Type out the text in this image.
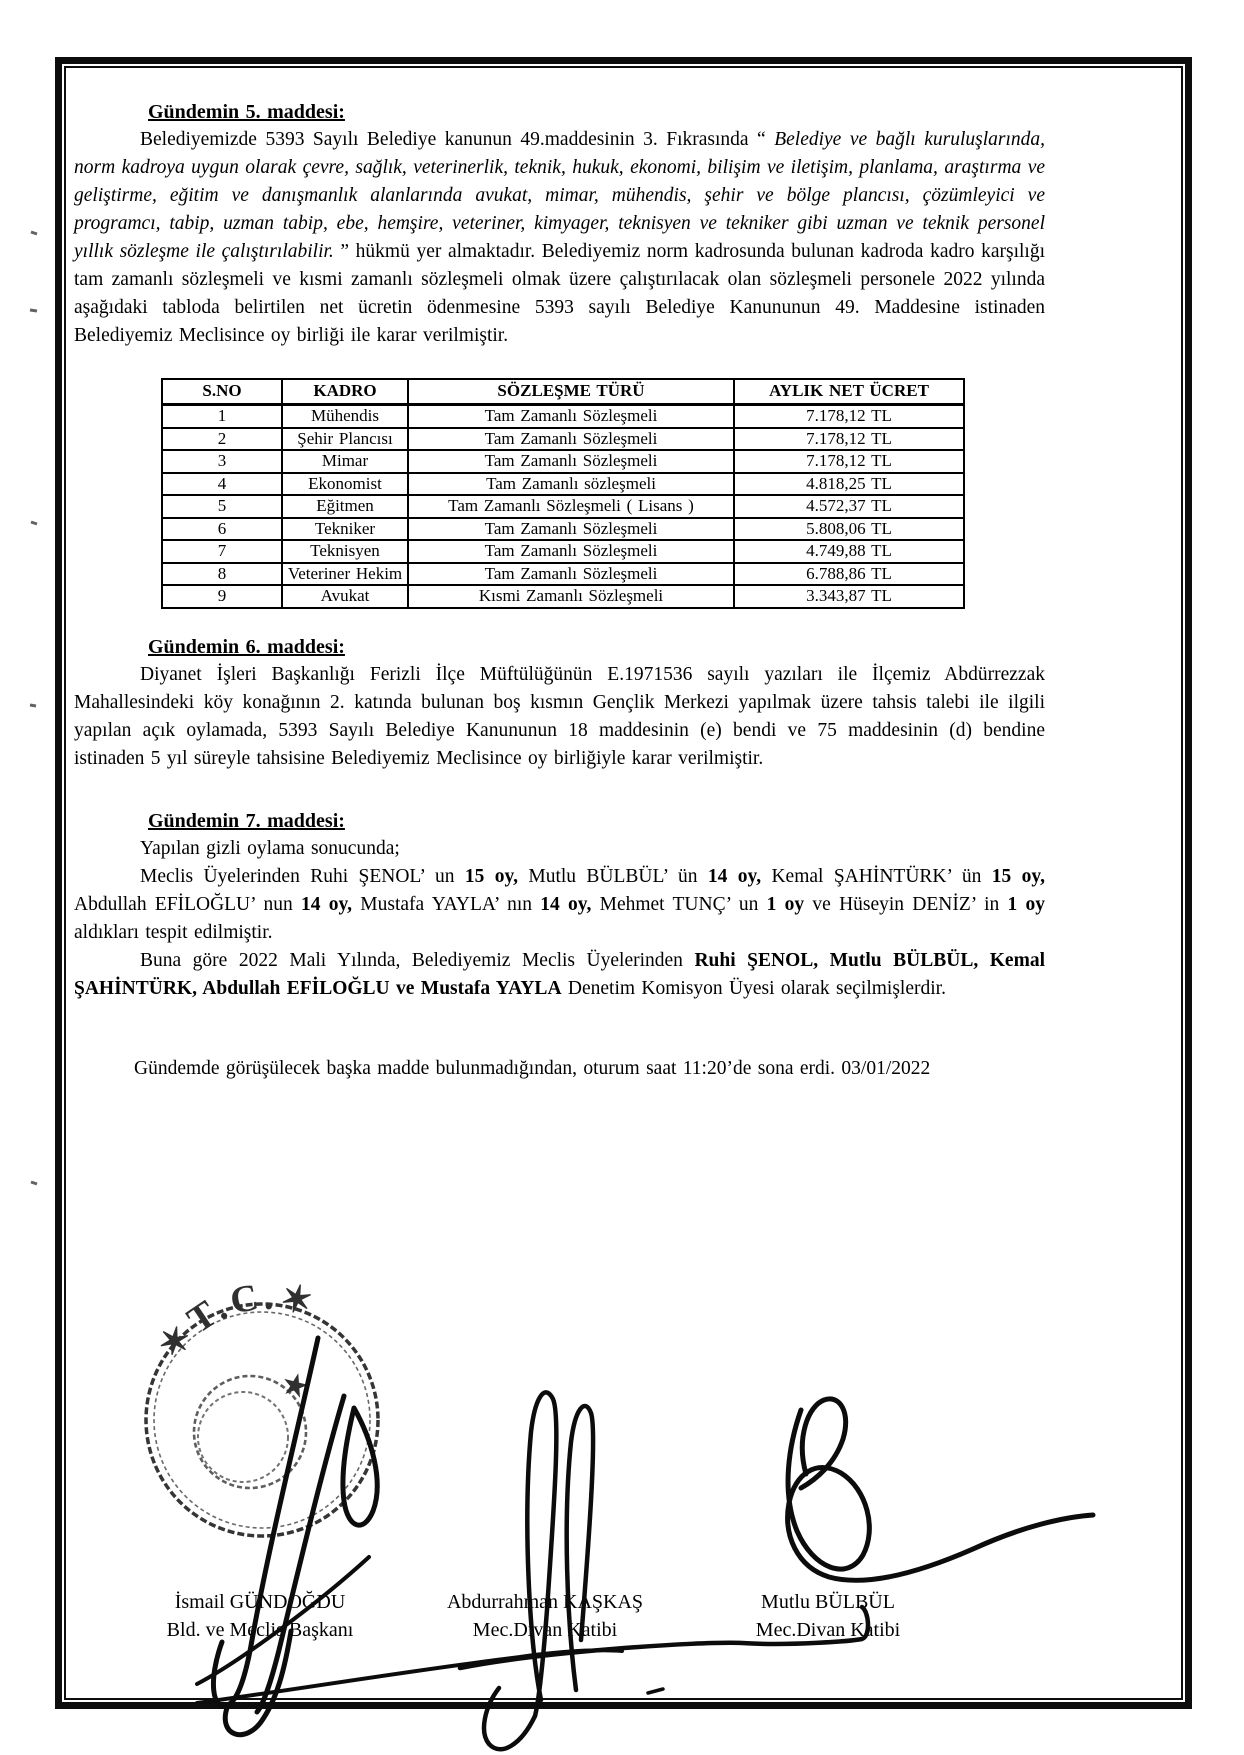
Gündemin 5. maddesi:

Belediyemizde 5393 Sayılı Belediye kanunun 49.maddesinin 3. Fıkrasında “ Belediye ve bağlı kuruluşlarında, norm kadroya uygun olarak çevre, sağlık, veterinerlik, teknik, hukuk, ekonomi, bilişim ve iletişim, planlama, araştırma ve geliştirme, eğitim ve danışmanlık alanlarında avukat, mimar, mühendis, şehir ve bölge plancısı, çözümleyici ve programcı, tabip, uzman tabip, ebe, hemşire, veteriner, kimyager, teknisyen ve tekniker gibi uzman ve teknik personel yıllık sözleşme ile çalıştırılabilir. ” hükmü yer almaktadır. Belediyemiz norm kadrosunda bulunan kadroda kadro karşılığı tam zamanlı sözleşmeli ve kısmi zamanlı sözleşmeli olmak üzere çalıştırılacak olan sözleşmeli personele 2022 yılında aşağıdaki tabloda belirtilen net ücretin ödenmesine 5393 sayılı Belediye Kanununun 49. Maddesine istinaden Belediyemiz Meclisince oy birliği ile karar verilmiştir.

S.NO	KADRO	SÖZLEŞME TÜRÜ	AYLIK NET ÜCRET
1	Mühendis	Tam Zamanlı Sözleşmeli	7.178,12 TL
2	Şehir Plancısı	Tam Zamanlı Sözleşmeli	7.178,12 TL
3	Mimar	Tam Zamanlı Sözleşmeli	7.178,12 TL
4	Ekonomist	Tam Zamanlı sözleşmeli	4.818,25 TL
5	Eğitmen	Tam Zamanlı Sözleşmeli ( Lisans )	4.572,37 TL
6	Tekniker	Tam Zamanlı Sözleşmeli	5.808,06 TL
7	Teknisyen	Tam Zamanlı Sözleşmeli	4.749,88 TL
8	Veteriner Hekim	Tam Zamanlı Sözleşmeli	6.788,86 TL
9	Avukat	Kısmi Zamanlı Sözleşmeli	3.343,87 TL

Gündemin 6. maddesi:

Diyanet İşleri Başkanlığı Ferizli İlçe Müftülüğünün E.1971536 sayılı yazıları ile İlçemiz Abdürrezzak Mahallesindeki köy konağının 2. katında bulunan boş kısmın Gençlik Merkezi yapılmak üzere tahsis talebi ile ilgili yapılan açık oylamada, 5393 Sayılı Belediye Kanununun 18 maddesinin (e) bendi ve 75 maddesinin (d) bendine istinaden 5 yıl süreyle tahsisine Belediyemiz Meclisince oy birliğiyle karar verilmiştir.

Gündemin 7. maddesi:

Yapılan gizli oylama sonucunda;

Meclis Üyelerinden Ruhi ŞENOL’ un 15 oy, Mutlu BÜLBÜL’ ün 14 oy, Kemal ŞAHİNTÜRK’ ün 15 oy, Abdullah EFİLOĞLU’ nun 14 oy, Mustafa YAYLA’ nın 14 oy, Mehmet TUNÇ’ un 1 oy ve Hüseyin DENİZ’ in 1 oy aldıkları tespit edilmiştir.

Buna göre 2022 Mali Yılında, Belediyemiz Meclis Üyelerinden Ruhi ŞENOL, Mutlu BÜLBÜL, Kemal ŞAHİNTÜRK, Abdullah EFİLOĞLU ve Mustafa YAYLA Denetim Komisyon Üyesi olarak seçilmişlerdir.

Gündemde görüşülecek başka madde bulunmadığından, oturum saat 11:20’de sona erdi. 03/01/2022

İsmail GÜNDOĞDU
Bld. ve Meclis Başkanı
Abdurrahman KAŞKAŞ
Mec.Divan Katibi
Mutlu BÜLBÜL
Mec.Divan Katibi
★
✶T.C.✶
